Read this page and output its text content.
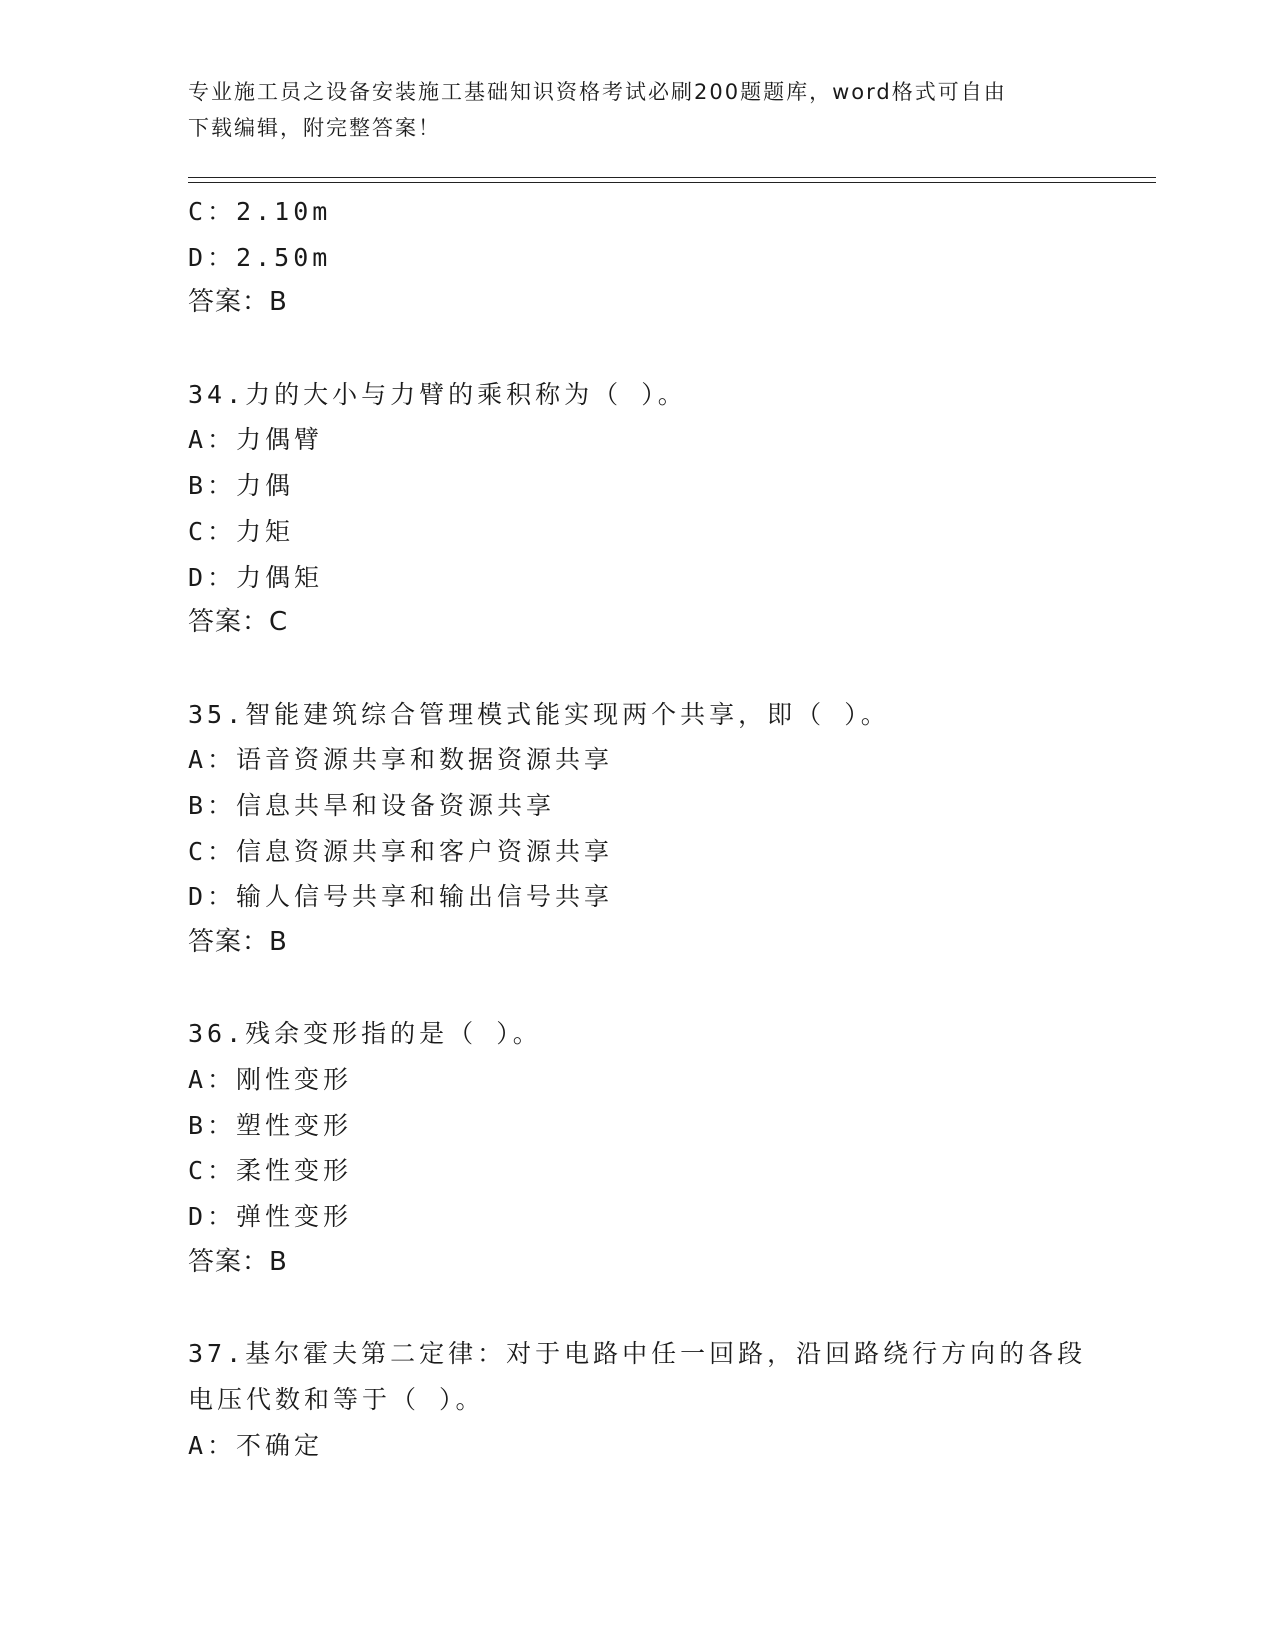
专业施工员之设备安装施工基础知识资格考试必刷200题题库，word格式可自由
下载编辑，附完整答案！
C：2.10m
D：2.50m
答案：B
34.力的大小与力臂的乘积称为（ ）。
A：力偶臂
B：力偶
C：力矩
D：力偶矩
答案：C
35.智能建筑综合管理模式能实现两个共享，即（ ）。
A：语音资源共享和数据资源共享
B：信息共旱和设备资源共享
C：信息资源共享和客户资源共享
D：输人信号共享和输出信号共享
答案：B
36.残余变形指的是（ ）。
A：刚性变形
B：塑性变形
C：柔性变形
D：弹性变形
答案：B
37.基尔霍夫第二定律：对于电路中任一回路，沿回路绕行方向的各段
电压代数和等于（ ）。
A：不确定
